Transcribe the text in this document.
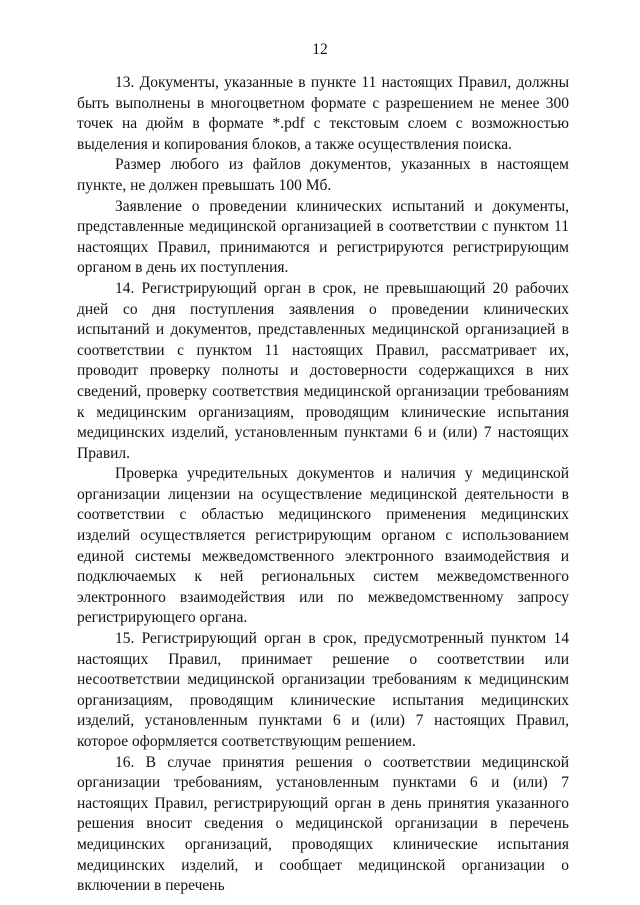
12

13. Документы, указанные в пункте 11 настоящих Правил, должны быть выполнены в многоцветном формате с разрешением не менее 300 точек на дюйм в формате *.pdf с текстовым слоем с возможностью выделения и копирования блоков, а также осуществления поиска.

Размер любого из файлов документов, указанных в настоящем пункте, не должен превышать 100 Мб.

Заявление о проведении клинических испытаний и документы, представленные медицинской организацией в соответствии с пунктом 11 настоящих Правил, принимаются и регистрируются регистрирующим органом в день их поступления.

14. Регистрирующий орган в срок, не превышающий 20 рабочих дней со дня поступления заявления о проведении клинических испытаний и документов, представленных медицинской организацией в соответствии с пунктом 11 настоящих Правил, рассматривает их, проводит проверку полноты и достоверности содержащихся в них сведений, проверку соответствия медицинской организации требованиям к медицинским организациям, проводящим клинические испытания медицинских изделий, установленным пунктами 6 и (или) 7 настоящих Правил.

Проверка учредительных документов и наличия у медицинской организации лицензии на осуществление медицинской деятельности в соответствии с областью медицинского применения медицинских изделий осуществляется регистрирующим органом с использованием единой системы межведомственного электронного взаимодействия и подключаемых к ней региональных систем межведомственного электронного взаимодействия или по межведомственному запросу регистрирующего органа.

15. Регистрирующий орган в срок, предусмотренный пунктом 14 настоящих Правил, принимает решение о соответствии или несоответствии медицинской организации требованиям к медицинским организациям, проводящим клинические испытания медицинских изделий, установленным пунктами 6 и (или) 7 настоящих Правил, которое оформляется соответствующим решением.

16. В случае принятия решения о соответствии медицинской организации требованиям, установленным пунктами 6 и (или) 7 настоящих Правил, регистрирующий орган в день принятия указанного решения вносит сведения о медицинской организации в перечень медицинских организаций, проводящих клинические испытания медицинских изделий, и сообщает медицинской организации о включении в перечень
